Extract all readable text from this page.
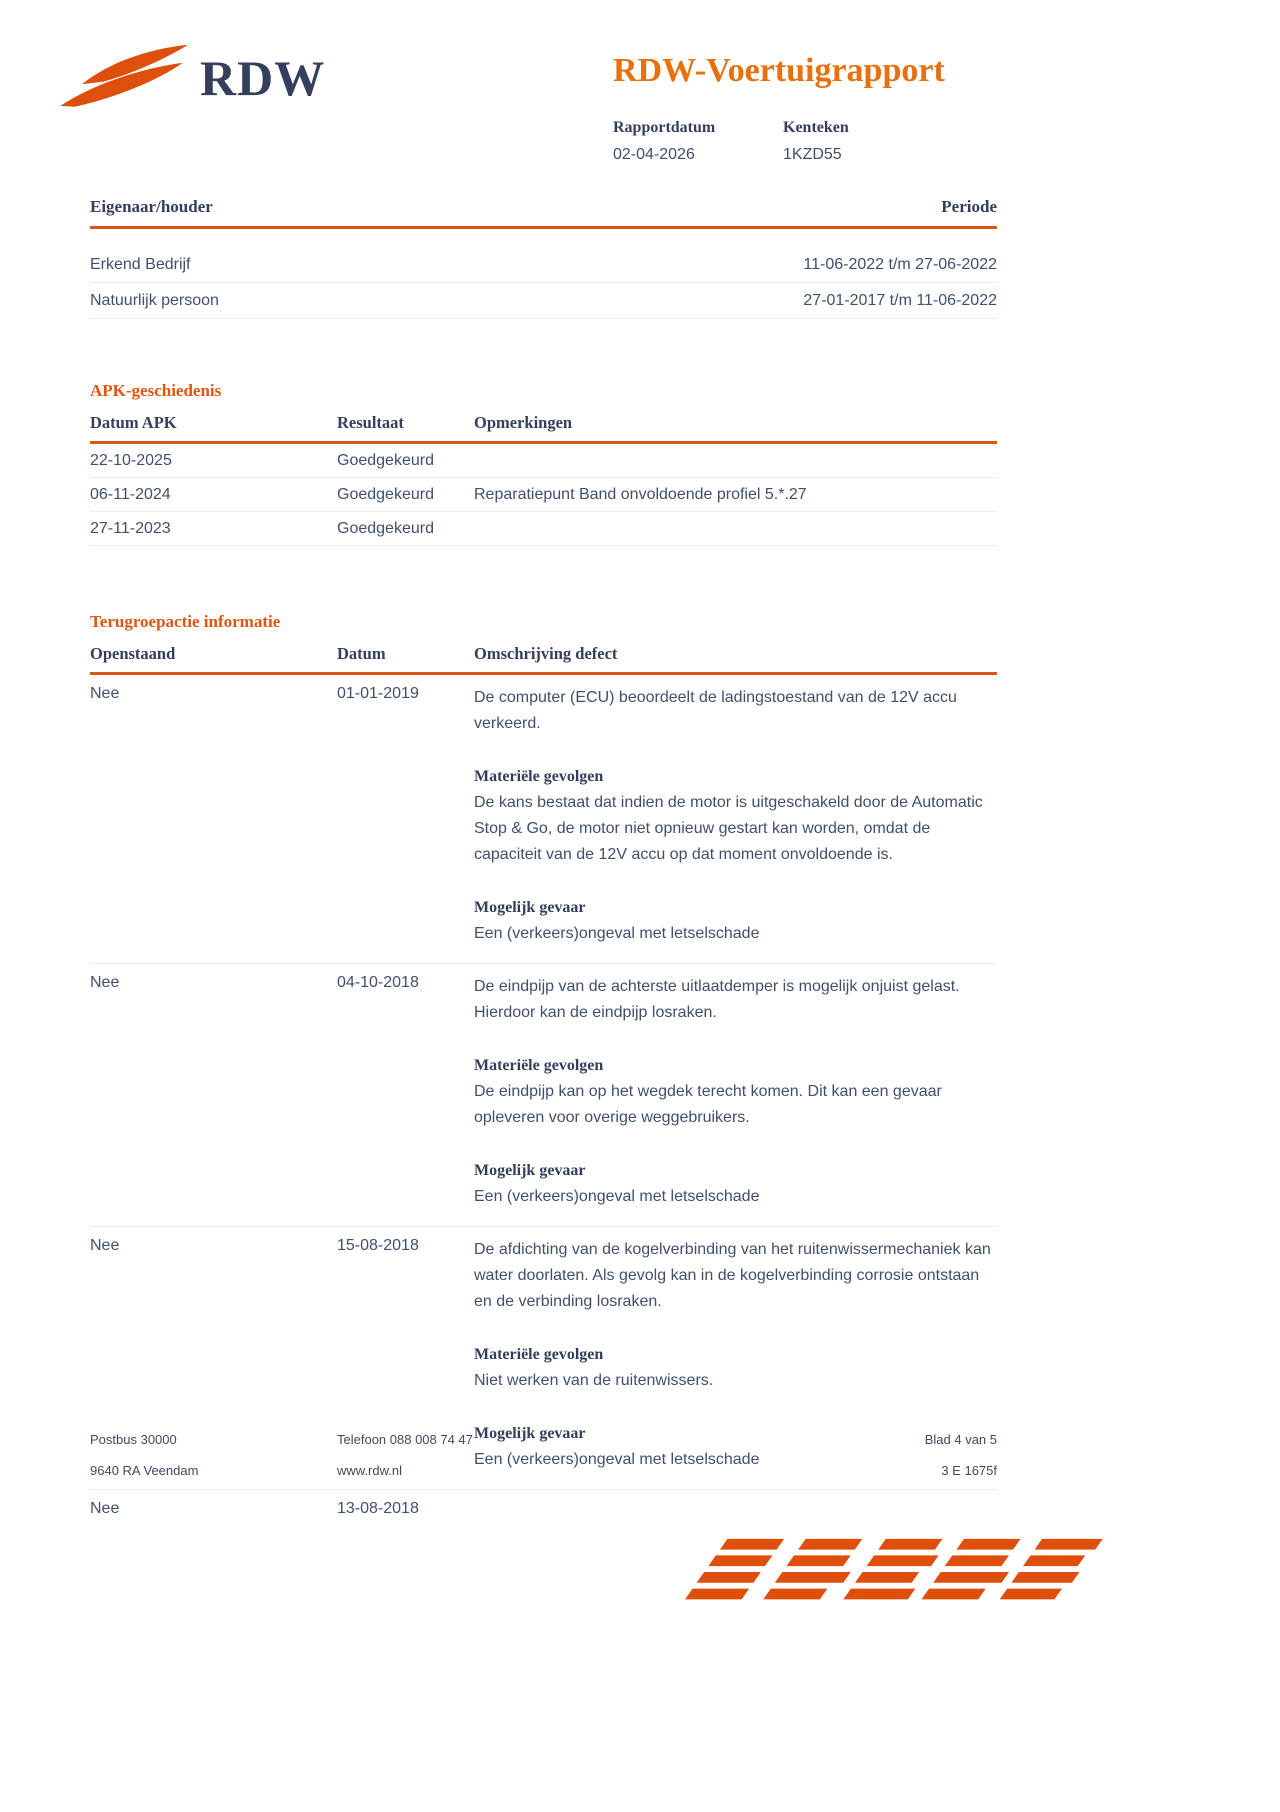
RDW	RDW-Voertuigrapport
Rapportdatum
02-04-2026
Kenteken
1KZD55
Eigenaar/houder	Periode
Erkend Bedrijf	11-06-2022 t/m 27-06-2022
Natuurlijk persoon	27-01-2017 t/m 11-06-2022
APK-geschiedenis
Datum APK	Resultaat	Opmerkingen
22-10-2025	Goedgekeurd
06-11-2024	Goedgekeurd	Reparatiepunt Band onvoldoende profiel 5.*.27
27-11-2023	Goedgekeurd
Terugroepactie informatie
Openstaand	Datum	Omschrijving defect
Nee	01-01-2019	De computer (ECU) beoordeelt de ladingstoestand van de 12V accu verkeerd.

Materiële gevolgen

De kans bestaat dat indien de motor is uitgeschakeld door de Automatic Stop & Go, de motor niet opnieuw gestart kan worden, omdat de capaciteit van de 12V accu op dat moment onvoldoende is.

Mogelijk gevaar

Een (verkeers)ongeval met letselschade

Nee	04-10-2018	De eindpijp van de achterste uitlaatdemper is mogelijk onjuist gelast. Hierdoor kan de eindpijp losraken.

Materiële gevolgen

De eindpijp kan op het wegdek terecht komen. Dit kan een gevaar opleveren voor overige weggebruikers.

Mogelijk gevaar

Een (verkeers)ongeval met letselschade

Nee	15-08-2018	De afdichting van de kogelverbinding van het ruitenwissermechaniek kan water doorlaten. Als gevolg kan in de kogelverbinding corrosie ontstaan en de verbinding losraken.

Materiële gevolgen

Niet werken van de ruitenwissers.

Mogelijk gevaar

Een (verkeers)ongeval met letselschade

Nee	13-08-2018

Postbus 30000
9640 RA Veendam
Telefoon 088 008 74 47
www.rdw.nl
Blad 4 van 5
3 E 1675f
